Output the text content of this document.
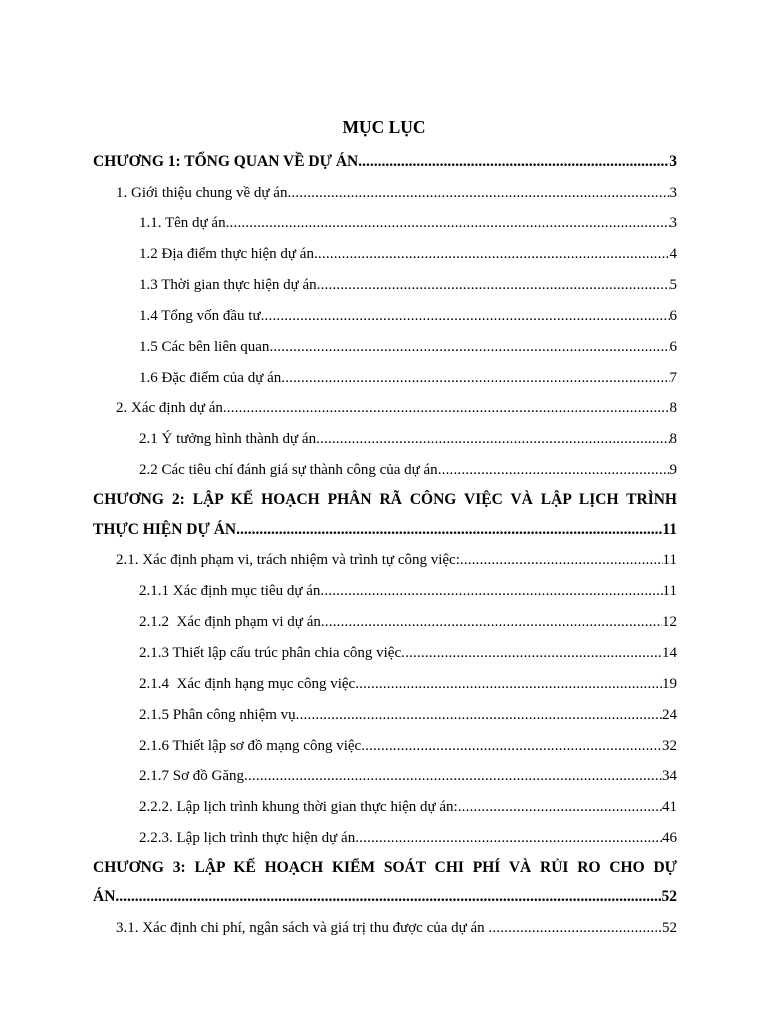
MỤC LỤC
CHƯƠNG 1: TỔNG QUAN VỀ DỰ ÁN .....	3
1. Giới thiệu chung về dự án .....	3
1.1. Tên dự án .....	3
1.2 Địa điểm thực hiện dự án .....	4
1.3 Thời gian thực hiện dự án .....	5
1.4 Tổng vốn đầu tư .....	6
1.5 Các bên liên quan .....	6
1.6 Đặc điểm của dự án .....	7
2. Xác định dự án .....	8
2.1 Ý tưởng hình thành dự án .....	8
2.2 Các tiêu chí đánh giá sự thành công của dự án .....	9
CHƯƠNG 2: LẬP KẾ HOẠCH PHÂN RÃ CÔNG VIỆC VÀ LẬP LỊCH TRÌNH
THỰC HIỆN DỰ ÁN .....	11
2.1. Xác định phạm vi, trách nhiệm và trình tự công việc: .....	11
2.1.1 Xác định mục tiêu dự án .....	11
2.1.2  Xác định phạm vi dự án .....	12
2.1.3 Thiết lập cấu trúc phân chia công việc .....	14
2.1.4  Xác định hạng mục công việc .....	19
2.1.5 Phân công nhiệm vụ .....	24
2.1.6 Thiết lập sơ đồ mạng công việc .....	32
2.1.7 Sơ đồ Găng .....	34
2.2.2. Lập lịch trình khung thời gian thực hiện dự án: .....	41
2.2.3. Lập lịch trình thực hiện dự án .....	46
CHƯƠNG 3: LẬP KẾ HOẠCH KIỂM SOÁT CHI PHÍ VÀ RỦI RO CHO DỰ
ÁN .....	52
3.1. Xác định chi phí, ngân sách và giá trị thu được của dự án .....	52
